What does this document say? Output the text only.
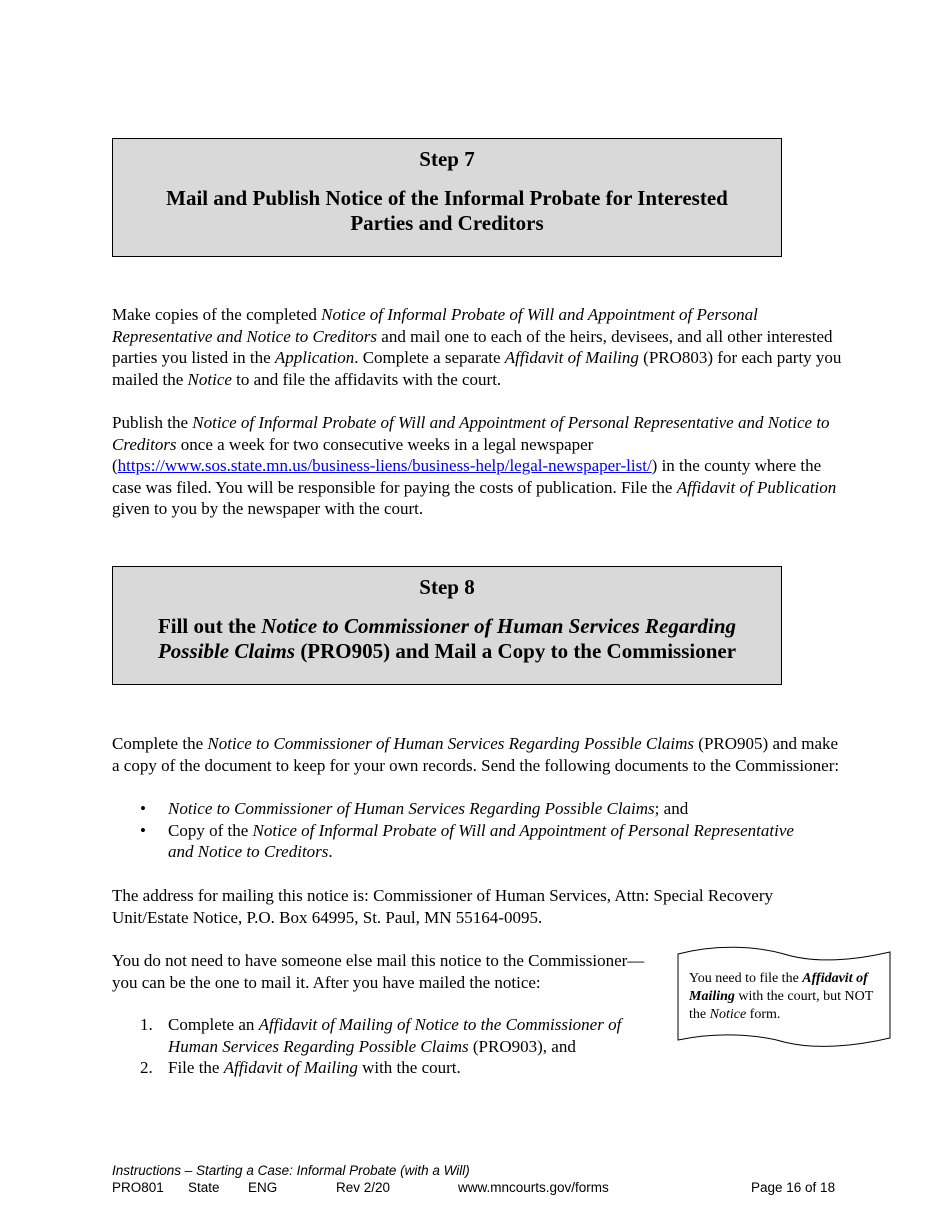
Step 7
Mail and Publish Notice of the Informal Probate for Interested Parties and Creditors

Make copies of the completed Notice of Informal Probate of Will and Appointment of Personal Representative and Notice to Creditors and mail one to each of the heirs, devisees, and all other interested parties you listed in the Application. Complete a separate Affidavit of Mailing (PRO803) for each party you mailed the Notice to and file the affidavits with the court.

Publish the Notice of Informal Probate of Will and Appointment of Personal Representative and Notice to Creditors once a week for two consecutive weeks in a legal newspaper (https://www.sos.state.mn.us/business-liens/business-help/legal-newspaper-list/) in the county where the case was filed. You will be responsible for paying the costs of publication. File the Affidavit of Publication given to you by the newspaper with the court.

Step 8
Fill out the Notice to Commissioner of Human Services Regarding Possible Claims (PRO905) and Mail a Copy to the Commissioner

Complete the Notice to Commissioner of Human Services Regarding Possible Claims (PRO905) and make a copy of the document to keep for your own records. Send the following documents to the Commissioner:

• Notice to Commissioner of Human Services Regarding Possible Claims; and
• Copy of the Notice of Informal Probate of Will and Appointment of Personal Representative and Notice to Creditors.

The address for mailing this notice is: Commissioner of Human Services, Attn: Special Recovery Unit/Estate Notice, P.O. Box 64995, St. Paul, MN 55164-0095.

You do not need to have someone else mail this notice to the Commissioner—you can be the one to mail it. After you have mailed the notice:

1. Complete an Affidavit of Mailing of Notice to the Commissioner of Human Services Regarding Possible Claims (PRO903), and
2. File the Affidavit of Mailing with the court.
You need to file the Affidavit of Mailing with the court, but NOT the Notice form.
Instructions – Starting a Case: Informal Probate (with a Will)
PRO801 State ENG	Rev 2/20	www.mncourts.gov/forms	Page 16 of 18
